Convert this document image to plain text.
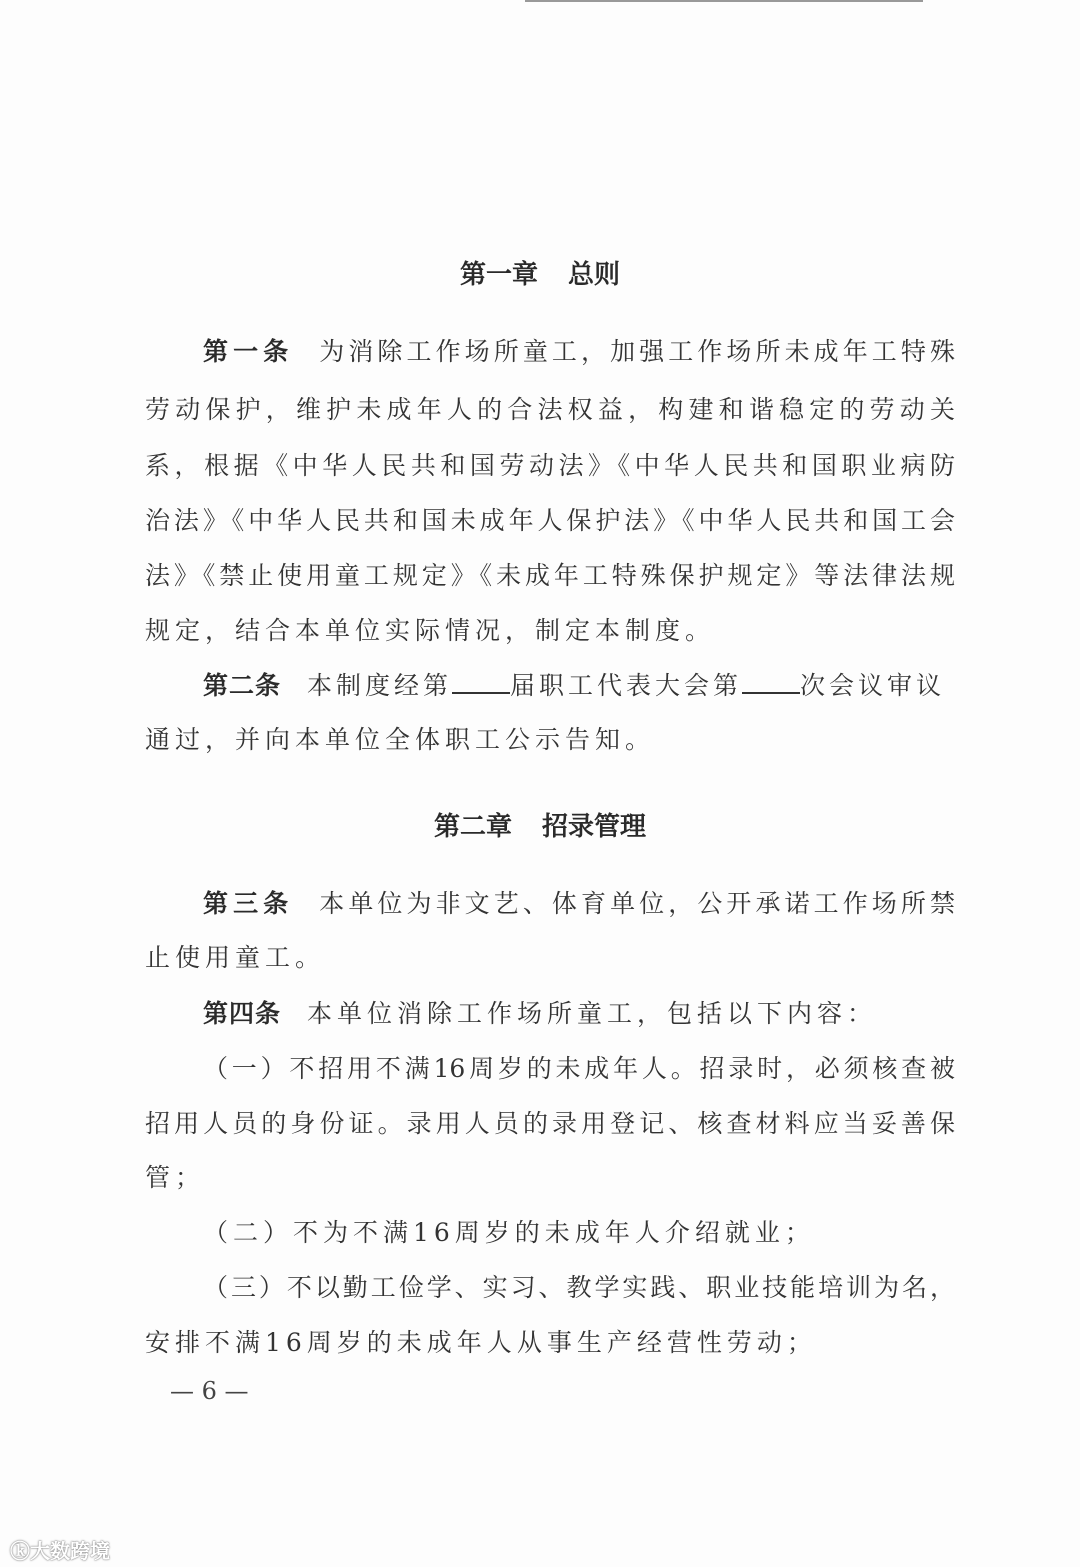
第一章 总则
第一条 为消除工作场所童工，加强工作场所未成年工特殊
劳动保护，维护未成年人的合法权益，构建和谐稳定的劳动关
系，根据《中华人民共和国劳动法》《中华人民共和国职业病防
治法》《中华人民共和国未成年人保护法》《中华人民共和国工会
法》《禁止使用童工规定》《未成年工特殊保护规定》等法律法规
规定，结合本单位实际情况，制定本制度。
第二条 本制度经第 届职工代表大会第 次会议审议
通过，并向本单位全体职工公示告知。
第二章 招录管理
第三条 本单位为非文艺、体育单位，公开承诺工作场所禁
止使用童工。
第四条 本单位消除工作场所童工，包括以下内容：
（一）不招用不满16周岁的未成年人。招录时，必须核查被
招用人员的身份证。录用人员的录用登记、核查材料应当妥善保
管；
（二）不为不满16周岁的未成年人介绍就业；
（三）不以勤工俭学、实习、教学实践、职业技能培训为名，
安排不满16周岁的未成年人从事生产经营性劳动；
— 6 —
ⓚ大数跨境
